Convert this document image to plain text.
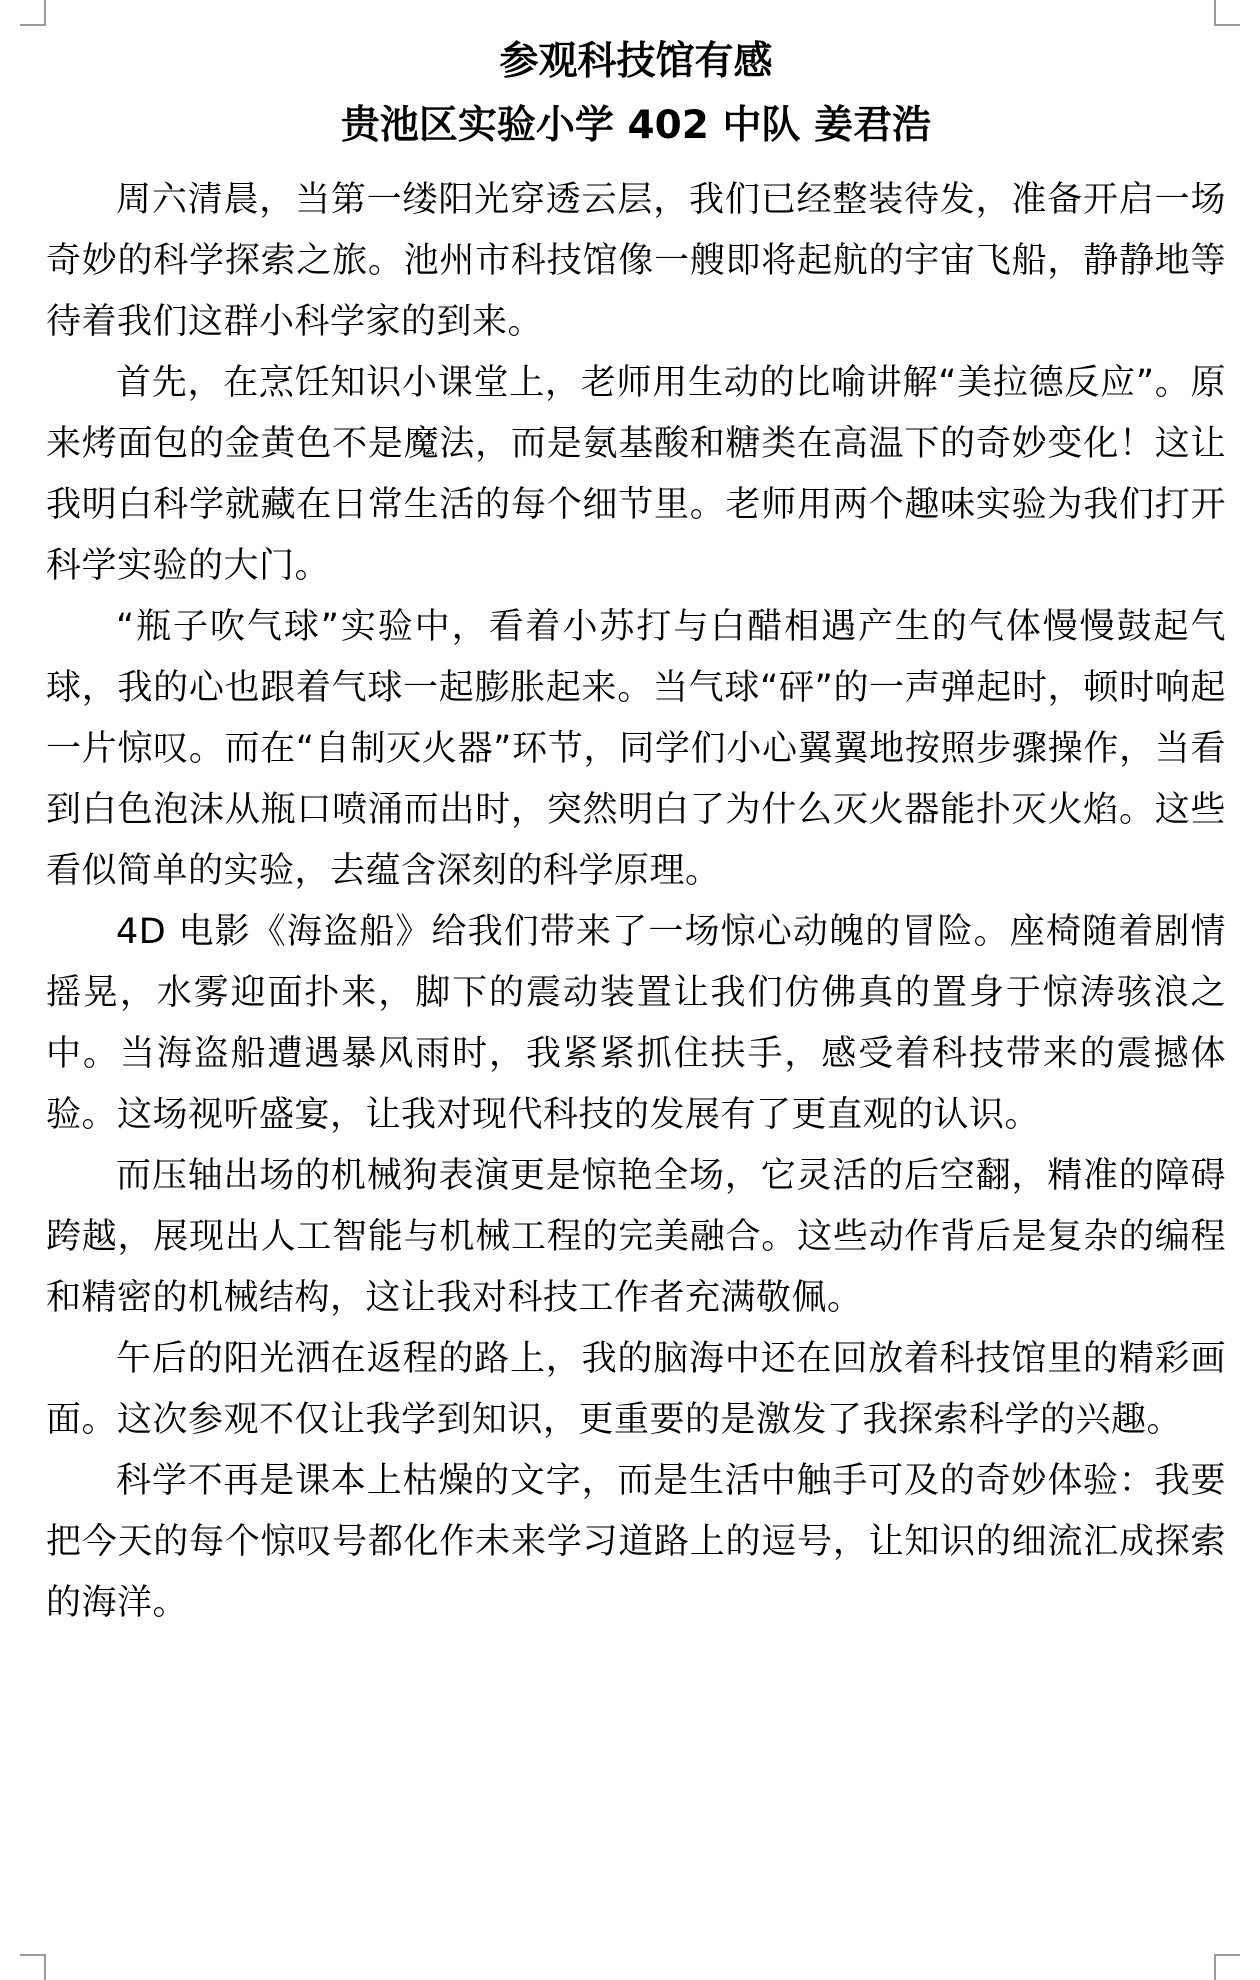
参观科技馆有感
贵池区实验小学 402 中队 姜君浩

周六清晨，当第一缕阳光穿透云层，我们已经整装待发，准备开启一场奇妙的科学探索之旅。池州市科技馆像一艘即将起航的宇宙飞船，静静地等待着我们这群小科学家的到来。

首先，在烹饪知识小课堂上，老师用生动的比喻讲解“美拉德反应”。原来烤面包的金黄色不是魔法，而是氨基酸和糖类在高温下的奇妙变化！这让我明白科学就藏在日常生活的每个细节里。老师用两个趣味实验为我们打开科学实验的大门。

“瓶子吹气球”实验中，看着小苏打与白醋相遇产生的气体慢慢鼓起气球，我的心也跟着气球一起膨胀起来。当气球“砰”的一声弹起时，顿时响起一片惊叹。而在“自制灭火器”环节，同学们小心翼翼地按照步骤操作，当看到白色泡沫从瓶口喷涌而出时，突然明白了为什么灭火器能扑灭火焰。这些看似简单的实验，去蕴含深刻的科学原理。

4D 电影《海盗船》给我们带来了一场惊心动魄的冒险。座椅随着剧情摇晃，水雾迎面扑来，脚下的震动装置让我们仿佛真的置身于惊涛骇浪之中。当海盗船遭遇暴风雨时，我紧紧抓住扶手，感受着科技带来的震撼体验。这场视听盛宴，让我对现代科技的发展有了更直观的认识。

而压轴出场的机械狗表演更是惊艳全场，它灵活的后空翻，精准的障碍跨越，展现出人工智能与机械工程的完美融合。这些动作背后是复杂的编程和精密的机械结构，这让我对科技工作者充满敬佩。

午后的阳光洒在返程的路上，我的脑海中还在回放着科技馆里的精彩画面。这次参观不仅让我学到知识，更重要的是激发了我探索科学的兴趣。

科学不再是课本上枯燥的文字，而是生活中触手可及的奇妙体验：我要把今天的每个惊叹号都化作未来学习道路上的逗号，让知识的细流汇成探索的海洋。
